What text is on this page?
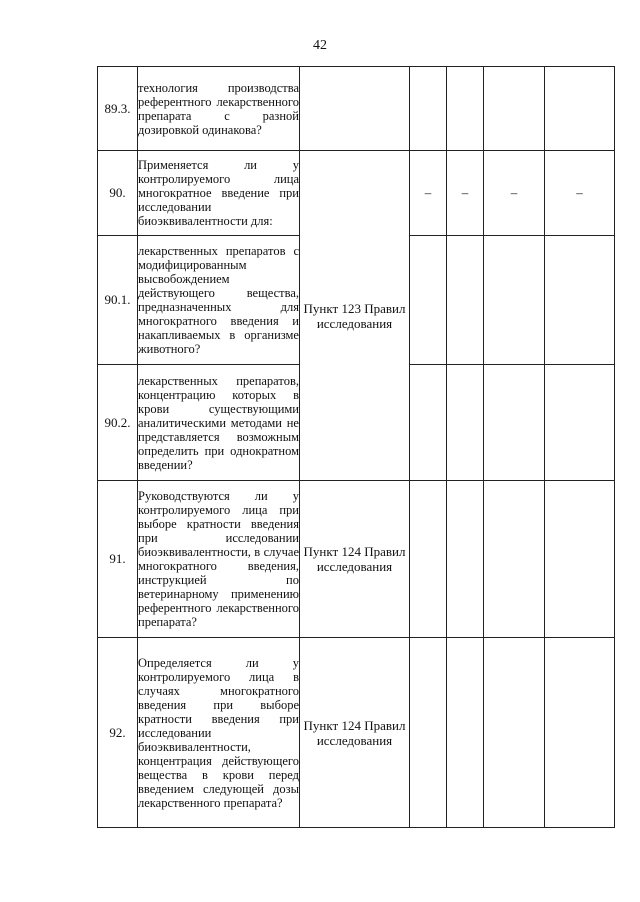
42
89.3.	технология производства референтного лекарственного препарата с разной дозировкой одинакова?					
90.	Применяется ли у контролируемого лица многократное введение при исследовании биоэквивалентности для:	Пункт 123 Правил исследования	–	–	–	–
90.1.	лекарственных препаратов с модифицированным высвобождением действующего вещества, предназначенных для многократного введения и накапливаемых в организме животного?					
90.2.	лекарственных препаратов, концентрацию которых в крови существующими аналитическими методами не представляется возможным определить при однократном введении?					
91.	Руководствуются ли у контролируемого лица при выборе кратности введения при исследовании биоэквивалентности, в случае многократного введения, инструкцией по ветеринарному применению референтного лекарственного препарата?	Пункт 124 Правил исследования				
92.	Определяется ли у контролируемого лица в случаях многократного введения при выборе кратности введения при исследовании биоэквивалентности, концентрация действующего вещества в крови перед введением следующей дозы лекарственного препарата?	Пункт 124 Правил исследования				
